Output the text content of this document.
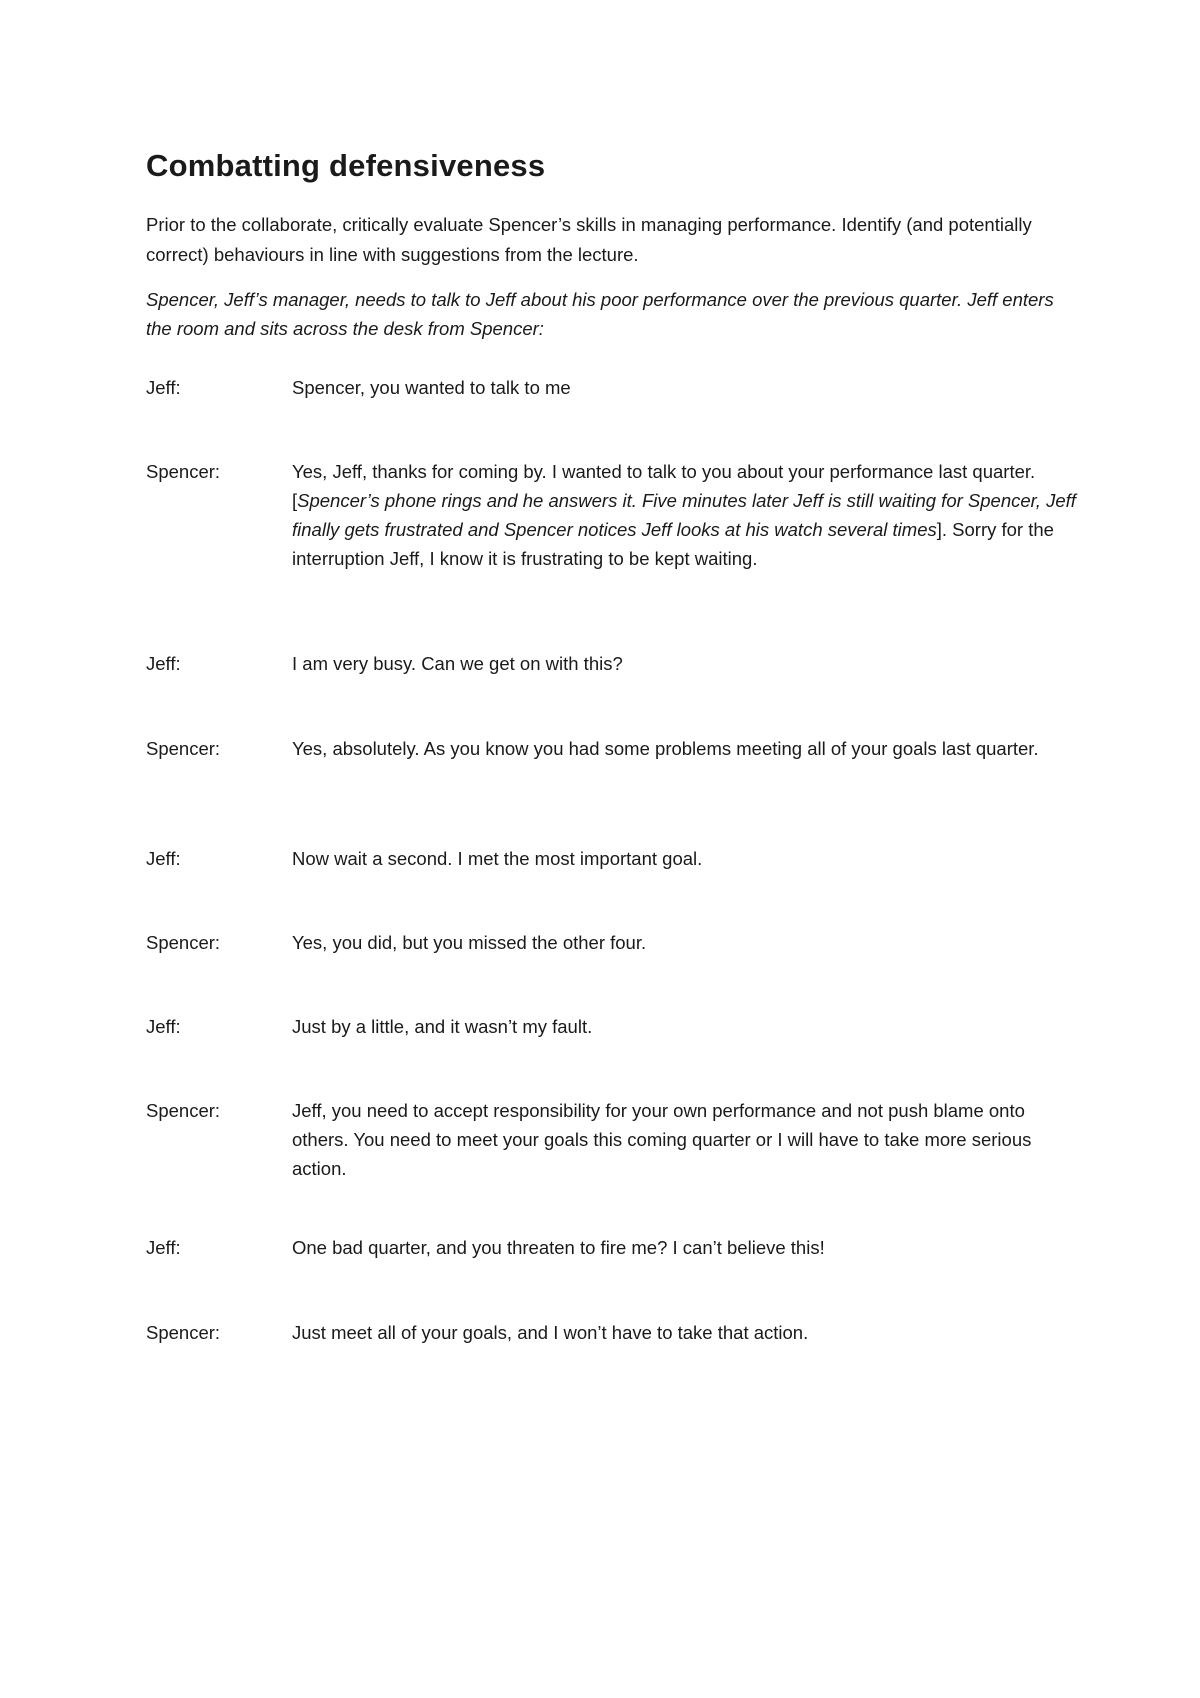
Combatting defensiveness

Prior to the collaborate, critically evaluate Spencer’s skills in managing performance. Identify (and potentially correct) behaviours in line with suggestions from the lecture.

Spencer, Jeff’s manager, needs to talk to Jeff about his poor performance over the previous quarter. Jeff enters the room and sits across the desk from Spencer:

Jeff:	Spencer, you wanted to talk to me
Spencer:	Yes, Jeff, thanks for coming by. I wanted to talk to you about your performance last quarter. [Spencer’s phone rings and he answers it. Five minutes later Jeff is still waiting for Spencer, Jeff finally gets frustrated and Spencer notices Jeff looks at his watch several times]. Sorry for the interruption Jeff, I know it is frustrating to be kept waiting.
Jeff:	I am very busy. Can we get on with this?
Spencer:	Yes, absolutely. As you know you had some problems meeting all of your goals last quarter.
Jeff:	Now wait a second. I met the most important goal.
Spencer:	Yes, you did, but you missed the other four.
Jeff:	Just by a little, and it wasn’t my fault.
Spencer:	Jeff, you need to accept responsibility for your own performance and not push blame onto others. You need to meet your goals this coming quarter or I will have to take more serious action.
Jeff:	One bad quarter, and you threaten to fire me? I can’t believe this!
Spencer:	Just meet all of your goals, and I won’t have to take that action.
